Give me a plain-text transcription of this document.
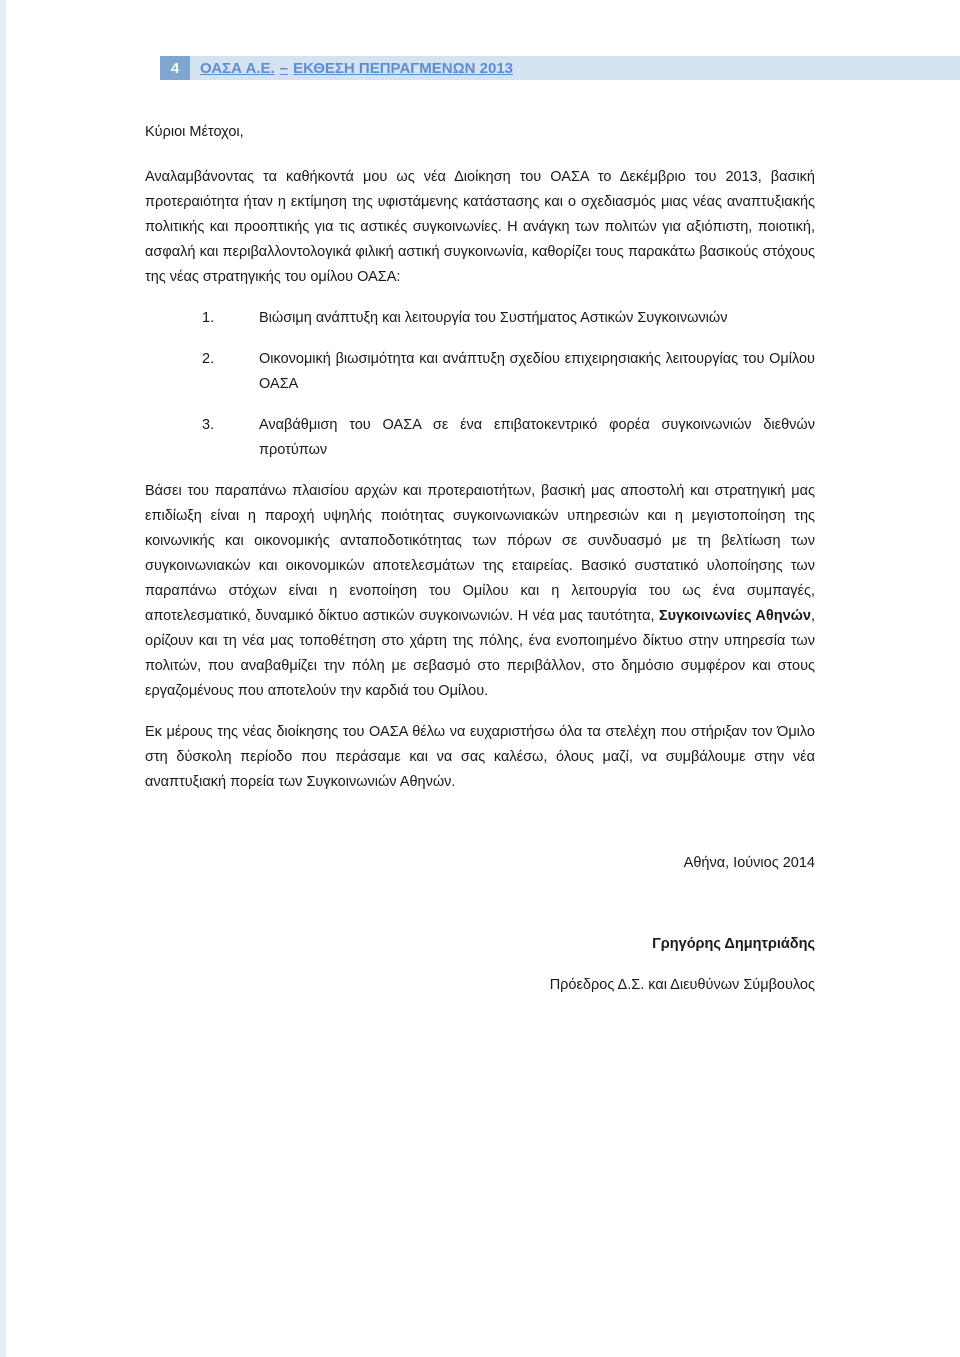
4	ΟΑΣΑ Α.Ε. – ΕΚΘΕΣΗ ΠΕΠΡΑΓΜΕΝΩΝ 2013

Κύριοι Μέτοχοι,

Αναλαμβάνοντας τα καθήκοντά μου ως νέα Διοίκηση του ΟΑΣΑ το Δεκέμβριο του 2013, βασική προτεραιότητα ήταν η εκτίμηση της υφιστάμενης κατάστασης και ο σχεδιασμός μιας νέας αναπτυξιακής πολιτικής και προοπτικής για τις αστικές συγκοινωνίες. Η ανάγκη των πολιτών για αξιόπιστη, ποιοτική, ασφαλή και περιβαλλοντολογικά φιλική αστική συγκοινωνία, καθορίζει τους παρακάτω βασικούς στόχους της νέας στρατηγικής του ομίλου ΟΑΣΑ:

1.	Βιώσιμη ανάπτυξη και λειτουργία του Συστήματος Αστικών Συγκοινωνιών
2.	Οικονομική βιωσιμότητα και ανάπτυξη σχεδίου επιχειρησιακής λειτουργίας του Ομίλου ΟΑΣΑ
3.	Αναβάθμιση του ΟΑΣΑ σε ένα επιβατοκεντρικό φορέα συγκοινωνιών διεθνών προτύπων

Βάσει του παραπάνω πλαισίου αρχών και προτεραιοτήτων, βασική μας αποστολή και στρατηγική μας επιδίωξη είναι η παροχή υψηλής ποιότητας συγκοινωνιακών υπηρεσιών και η μεγιστοποίηση της κοινωνικής και οικονομικής ανταποδοτικότητας των πόρων σε συνδυασμό με τη βελτίωση των συγκοινωνιακών και οικονομικών αποτελεσμάτων της εταιρείας. Βασικό συστατικό υλοποίησης των παραπάνω στόχων είναι η ενοποίηση του Ομίλου και η λειτουργία του ως ένα συμπαγές, αποτελεσματικό, δυναμικό δίκτυο αστικών συγκοινωνιών. Η νέα μας ταυτότητα, Συγκοινωνίες Αθηνών, ορίζουν και τη νέα μας τοποθέτηση στο χάρτη της πόλης, ένα ενοποιημένο δίκτυο στην υπηρεσία των πολιτών, που αναβαθμίζει την πόλη με σεβασμό στο περιβάλλον, στο δημόσιο συμφέρον και στους εργαζομένους που αποτελούν την καρδιά του Ομίλου.

Εκ μέρους της νέας διοίκησης του ΟΑΣΑ θέλω να ευχαριστήσω όλα τα στελέχη που στήριξαν τον Όμιλο στη δύσκολη περίοδο που περάσαμε και να σας καλέσω, όλους μαζί, να συμβάλουμε στην νέα αναπτυξιακή πορεία των Συγκοινωνιών Αθηνών.

Αθήνα, Ιούνιος 2014

Γρηγόρης Δημητριάδης

Πρόεδρος Δ.Σ. και Διευθύνων Σύμβουλος
